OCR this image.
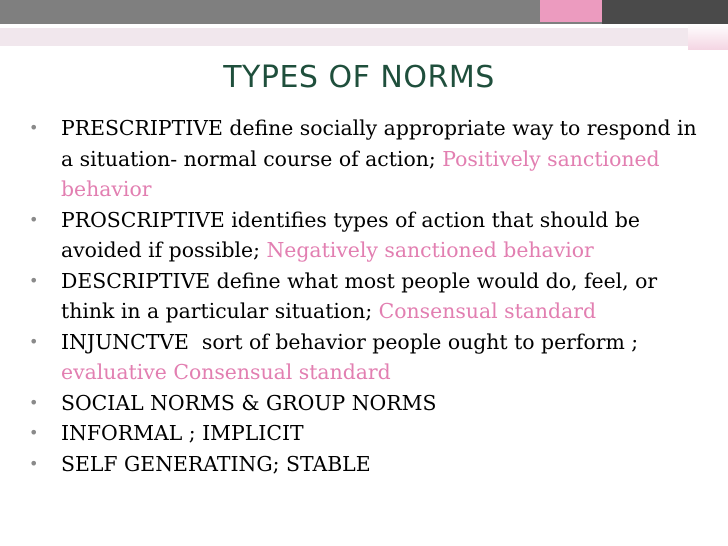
TYPES OF NORMS
• PRESCRIPTIVE define socially appropriate way to respond in a situation- normal course of action; Positively sanctioned behavior
• PROSCRIPTIVE identifies types of action that should be avoided if possible; Negatively sanctioned behavior
• DESCRIPTIVE define what most people would do, feel, or think in a particular situation; Consensual standard
• INJUNCTVE  sort of behavior people ought to perform ; evaluative Consensual standard
• SOCIAL NORMS & GROUP NORMS
• INFORMAL ; IMPLICIT
• SELF GENERATING; STABLE
